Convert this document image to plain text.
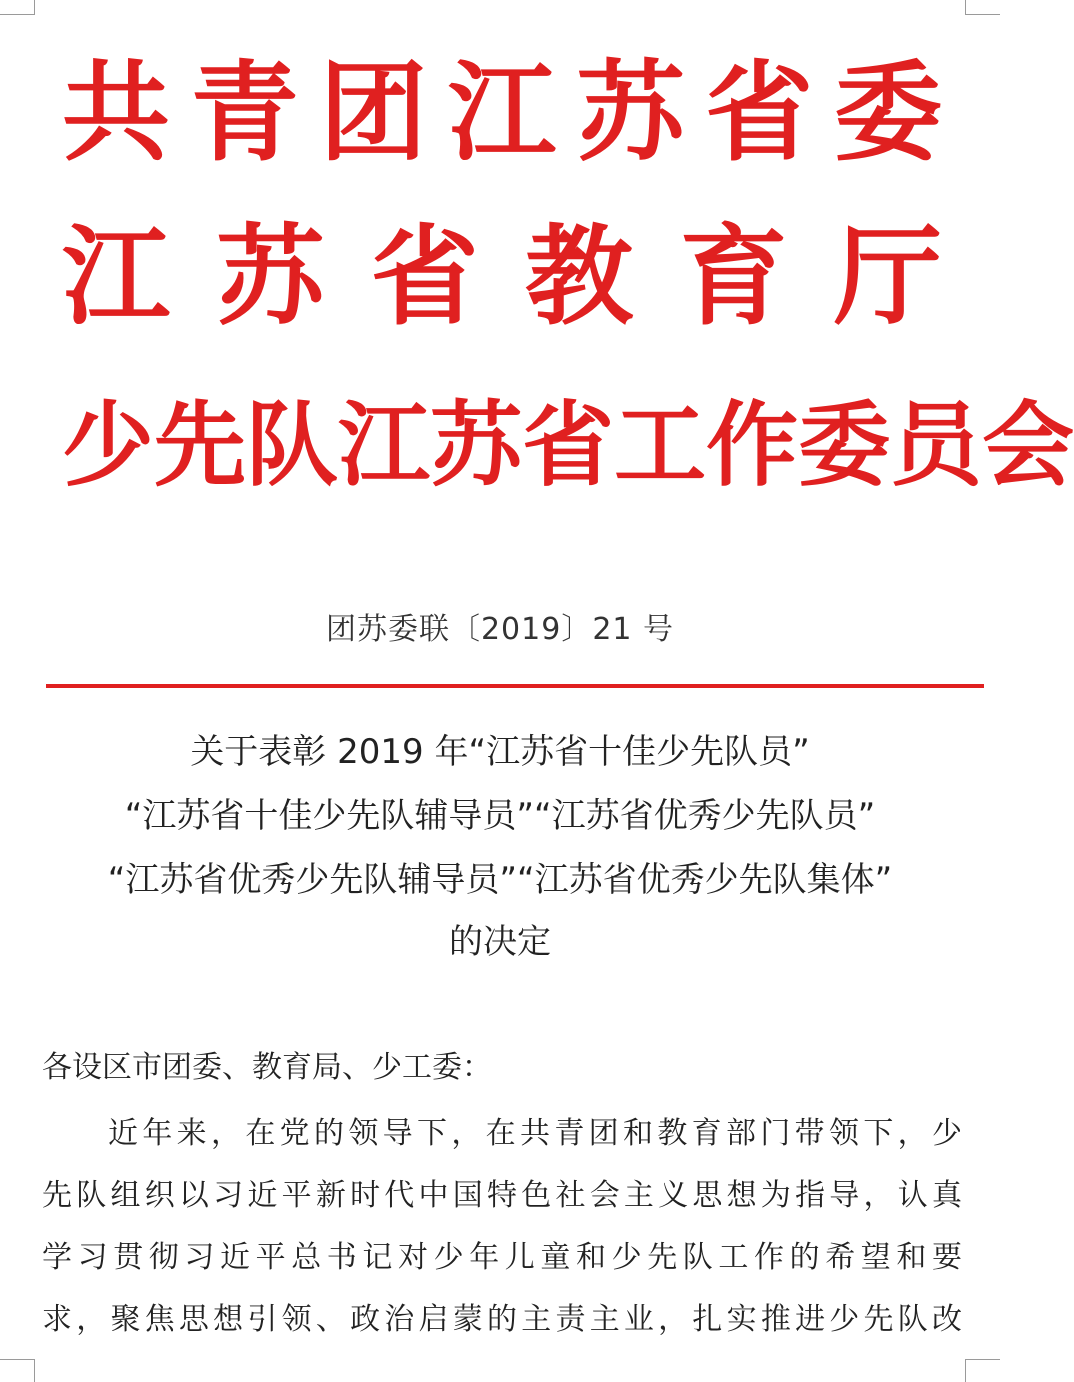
共 青 团 江 苏 省 委
江 苏 省 教 育 厅
少 先 队 江 苏 省 工 作 委 员 会
团苏委联〔2019〕21 号
关于表彰 2019 年“江苏省十佳少先队员”
“江苏省十佳少先队辅导员”“江苏省优秀少先队员”
“江苏省优秀少先队辅导员”“江苏省优秀少先队集体”
的决定
各设区市团委、教育局、少工委：
近年来，在党的领导下，在共青团和教育部门带领下，少
先队组织以习近平新时代中国特色社会主义思想为指导，认真
学习贯彻习近平总书记对少年儿童和少先队工作的希望和要
求，聚焦思想引领、政治启蒙的主责主业，扎实推进少先队改
